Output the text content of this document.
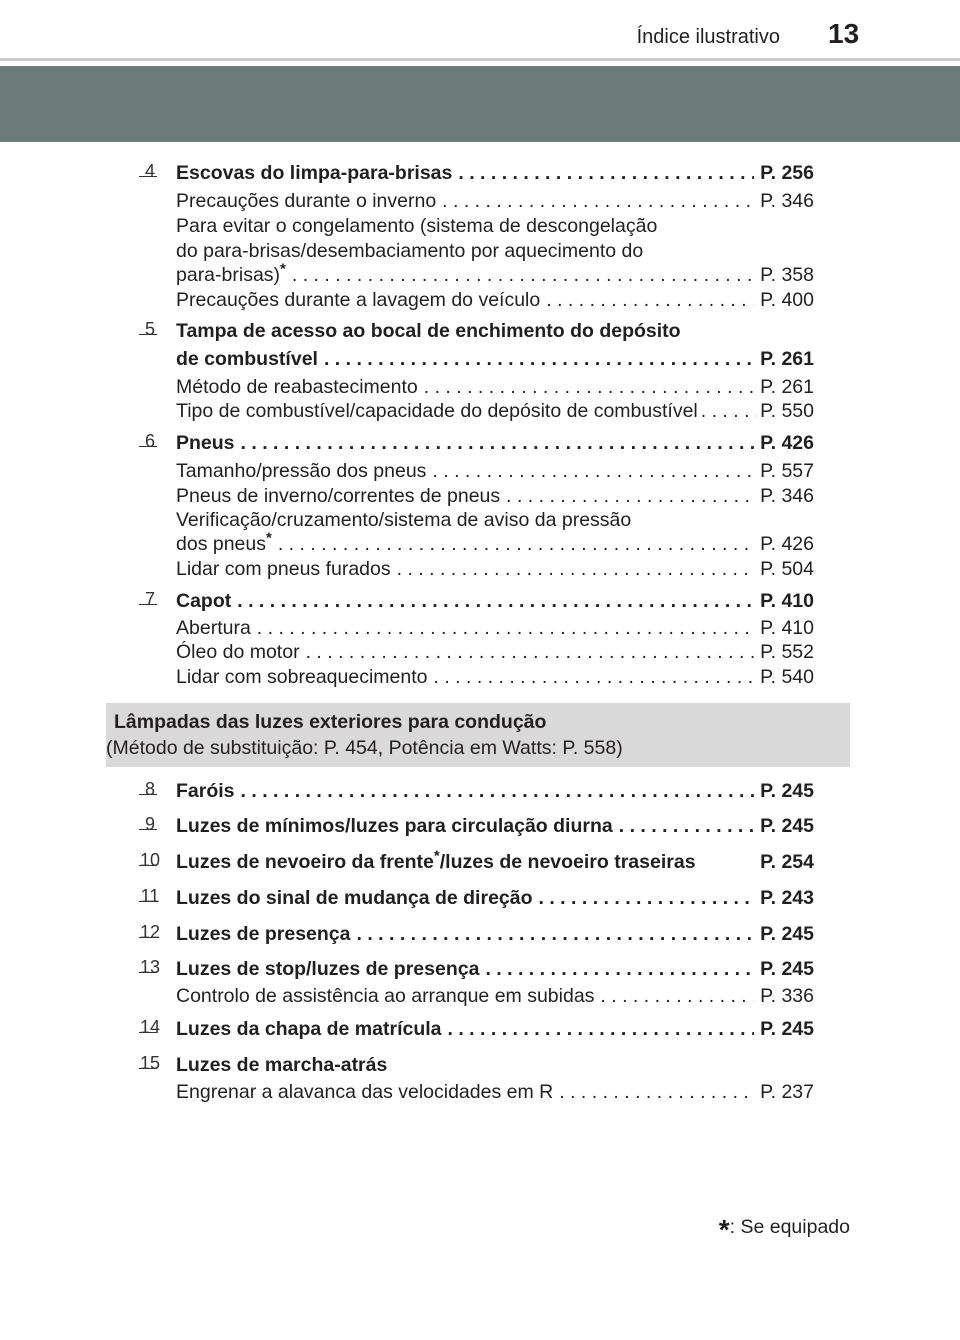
Índice ilustrativo 13
4 Escovas do limpa-para-brisas . . .	P. 256
Precauções durante o inverno . . .	P. 346
Para evitar o congelamento (sistema de descongelação
do para-brisas/desembaciamento por aquecimento do
para-brisas)* . . .	P. 358
Precauções durante a lavagem do veículo . . .	P. 400
5 Tampa de acesso ao bocal de enchimento do depósito
de combustível . . .	P. 261
Método de reabastecimento . . .	P. 261
Tipo de combustível/capacidade do depósito de combustível . . .	P. 550
6 Pneus . . .	P. 426
Tamanho/pressão dos pneus . . .	P. 557
Pneus de inverno/correntes de pneus . . .	P. 346
Verificação/cruzamento/sistema de aviso da pressão
dos pneus* . . .	P. 426
Lidar com pneus furados . . .	P. 504
7 Capot . . .	P. 410
Abertura . . .	P. 410
Óleo do motor . . .	P. 552
Lidar com sobreaquecimento . . .	P. 540
Lâmpadas das luzes exteriores para condução
(Método de substituição: P. 454, Potência em Watts: P. 558)
8 Faróis . . .	P. 245
9 Luzes de mínimos/luzes para circulação diurna . . .	P. 245
10 Luzes de nevoeiro da frente*/luzes de nevoeiro traseiras	P. 254
11 Luzes do sinal de mudança de direção . . .	P. 243
12 Luzes de presença . . .	P. 245
13 Luzes de stop/luzes de presença . . .	P. 245
Controlo de assistência ao arranque em subidas . . .	P. 336
14 Luzes da chapa de matrícula . . .	P. 245
15 Luzes de marcha-atrás
Engrenar a alavanca das velocidades em R . . .	P. 237
*: Se equipado
